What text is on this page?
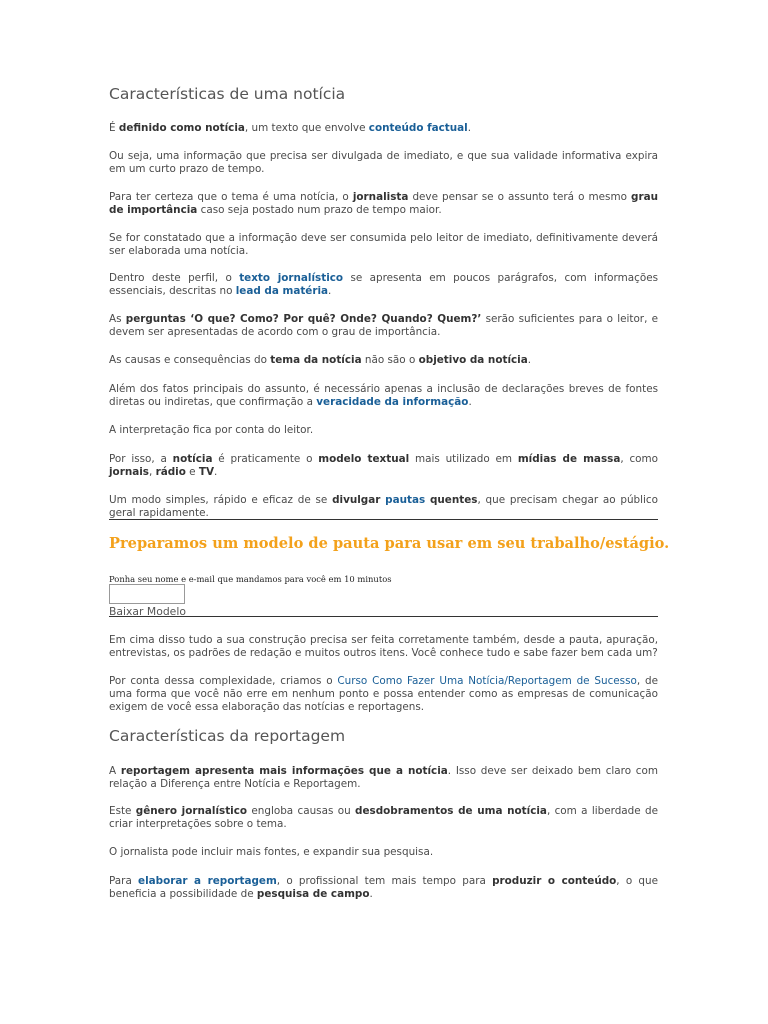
Características de uma notícia

É definido como notícia, um texto que envolve conteúdo factual.

Ou seja, uma informação que precisa ser divulgada de imediato, e que sua validade informativa expira em um curto prazo de tempo.

Para ter certeza que o tema é uma notícia, o jornalista deve pensar se o assunto terá o mesmo grau de importância caso seja postado num prazo de tempo maior.

Se for constatado que a informação deve ser consumida pelo leitor de imediato, definitivamente deverá ser elaborada uma notícia.

Dentro deste perfil, o texto jornalístico se apresenta em poucos parágrafos, com informações essenciais, descritas no lead da matéria.

As perguntas ‘O que? Como? Por quê? Onde? Quando? Quem?’ serão suficientes para o leitor, e devem ser apresentadas de acordo com o grau de importância.

As causas e consequências do tema da notícia não são o objetivo da notícia.

Além dos fatos principais do assunto, é necessário apenas a inclusão de declarações breves de fontes diretas ou indiretas, que confirmação a veracidade da informação.

A interpretação fica por conta do leitor.

Por isso, a notícia é praticamente o modelo textual mais utilizado em mídias de massa, como jornais, rádio e TV.

Um modo simples, rápido e eficaz de se divulgar pautas quentes, que precisam chegar ao público geral rapidamente.

Preparamos um modelo de pauta para usar em seu trabalho/estágio.
Ponha seu nome e e-mail que mandamos para você em 10 minutos
Baixar Modelo

Em cima disso tudo a sua construção precisa ser feita corretamente também, desde a pauta, apuração, entrevistas, os padrões de redação e muitos outros itens. Você conhece tudo e sabe fazer bem cada um?

Por conta dessa complexidade, criamos o Curso Como Fazer Uma Notícia/Reportagem de Sucesso, de uma forma que você não erre em nenhum ponto e possa entender como as empresas de comunicação exigem de você essa elaboração das notícias e reportagens.

Características da reportagem

A reportagem apresenta mais informações que a notícia. Isso deve ser deixado bem claro com relação a Diferença entre Notícia e Reportagem.

Este gênero jornalístico engloba causas ou desdobramentos de uma notícia, com a liberdade de criar interpretações sobre o tema.

O jornalista pode incluir mais fontes, e expandir sua pesquisa.

Para elaborar a reportagem, o profissional tem mais tempo para produzir o conteúdo, o que beneficia a possibilidade de pesquisa de campo.
